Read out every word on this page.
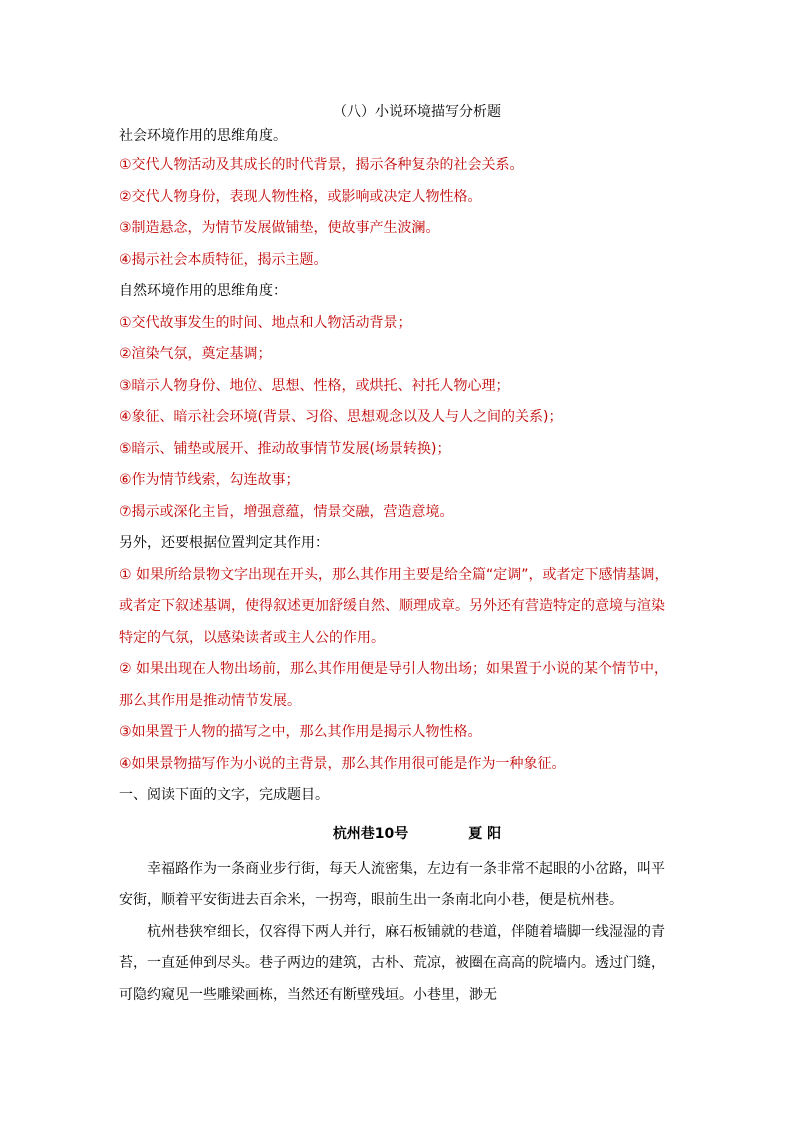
（八）小说环境描写分析题

社会环境作用的思维角度。

①交代人物活动及其成长的时代背景，揭示各种复杂的社会关系。

②交代人物身份，表现人物性格，或影响或决定人物性格。

③制造悬念，为情节发展做铺垫，使故事产生波澜。

④揭示社会本质特征，揭示主题。

自然环境作用的思维角度：

①交代故事发生的时间、地点和人物活动背景；

②渲染气氛，奠定基调；

③暗示人物身份、地位、思想、性格，或烘托、衬托人物心理；

④象征、暗示社会环境(背景、习俗、思想观念以及人与人之间的关系)；

⑤暗示、铺垫或展开、推动故事情节发展(场景转换)；

⑥作为情节线索，勾连故事；

⑦揭示或深化主旨，增强意蕴，情景交融，营造意境。

另外，还要根据位置判定其作用：

① 如果所给景物文字出现在开头，那么其作用主要是给全篇“定调”，或者定下感情基调，或者定下叙述基调，使得叙述更加舒缓自然、顺理成章。另外还有营造特定的意境与渲染特定的气氛，以感染读者或主人公的作用。

② 如果出现在人物出场前，那么其作用便是导引人物出场；如果置于小说的某个情节中，那么其作用是推动情节发展。

③如果置于人物的描写之中，那么其作用是揭示人物性格。

④如果景物描写作为小说的主背景，那么其作用很可能是作为一种象征。

一、阅读下面的文字，完成题目。

杭州巷10号	夏 阳

幸福路作为一条商业步行街，每天人流密集，左边有一条非常不起眼的小岔路，叫平安街，顺着平安街进去百余米，一拐弯，眼前生出一条南北向小巷，便是杭州巷。

杭州巷狭窄细长，仅容得下两人并行，麻石板铺就的巷道，伴随着墙脚一线湿湿的青苔，一直延伸到尽头。巷子两边的建筑，古朴、荒凉，被圈在高高的院墙内。透过门缝，可隐约窥见一些雕梁画栋，当然还有断壁残垣。小巷里，渺无
